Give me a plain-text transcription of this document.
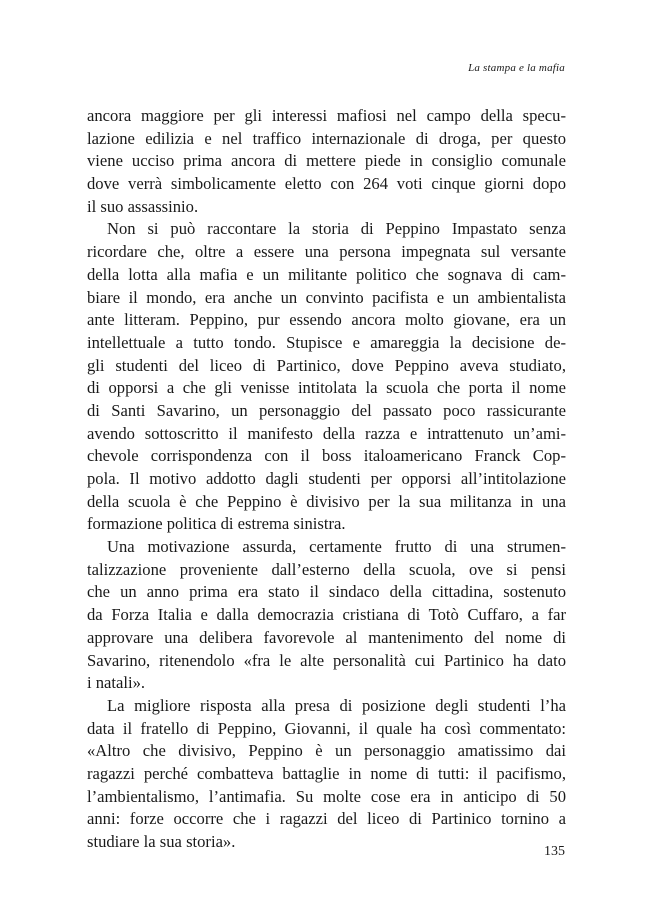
La stampa e la mafia
ancora maggiore per gli interessi mafiosi nel campo della specu-
lazione edilizia e nel traffico internazionale di droga, per questo
viene ucciso prima ancora di mettere piede in consiglio comunale
dove verrà simbolicamente eletto con 264 voti cinque giorni dopo
il suo assassinio.
Non si può raccontare la storia di Peppino Impastato senza
ricordare che, oltre a essere una persona impegnata sul versante
della lotta alla mafia e un militante politico che sognava di cam-
biare il mondo, era anche un convinto pacifista e un ambientalista
ante litteram. Peppino, pur essendo ancora molto giovane, era un
intellettuale a tutto tondo. Stupisce e amareggia la decisione de-
gli studenti del liceo di Partinico, dove Peppino aveva studiato,
di opporsi a che gli venisse intitolata la scuola che porta il nome
di Santi Savarino, un personaggio del passato poco rassicurante
avendo sottoscritto il manifesto della razza e intrattenuto un’ami-
chevole corrispondenza con il boss italoamericano Franck Cop-
pola. Il motivo addotto dagli studenti per opporsi all’intitolazione
della scuola è che Peppino è divisivo per la sua militanza in una
formazione politica di estrema sinistra.
Una motivazione assurda, certamente frutto di una strumen-
talizzazione proveniente dall’esterno della scuola, ove si pensi
che un anno prima era stato il sindaco della cittadina, sostenuto
da Forza Italia e dalla democrazia cristiana di Totò Cuffaro, a far
approvare una delibera favorevole al mantenimento del nome di
Savarino, ritenendolo «fra le alte personalità cui Partinico ha dato
i natali».
La migliore risposta alla presa di posizione degli studenti l’ha
data il fratello di Peppino, Giovanni, il quale ha così commentato:
«Altro che divisivo, Peppino è un personaggio amatissimo dai
ragazzi perché combatteva battaglie in nome di tutti: il pacifismo,
l’ambientalismo, l’antimafia. Su molte cose era in anticipo di 50
anni: forze occorre che i ragazzi del liceo di Partinico tornino a
studiare la sua storia».
135
